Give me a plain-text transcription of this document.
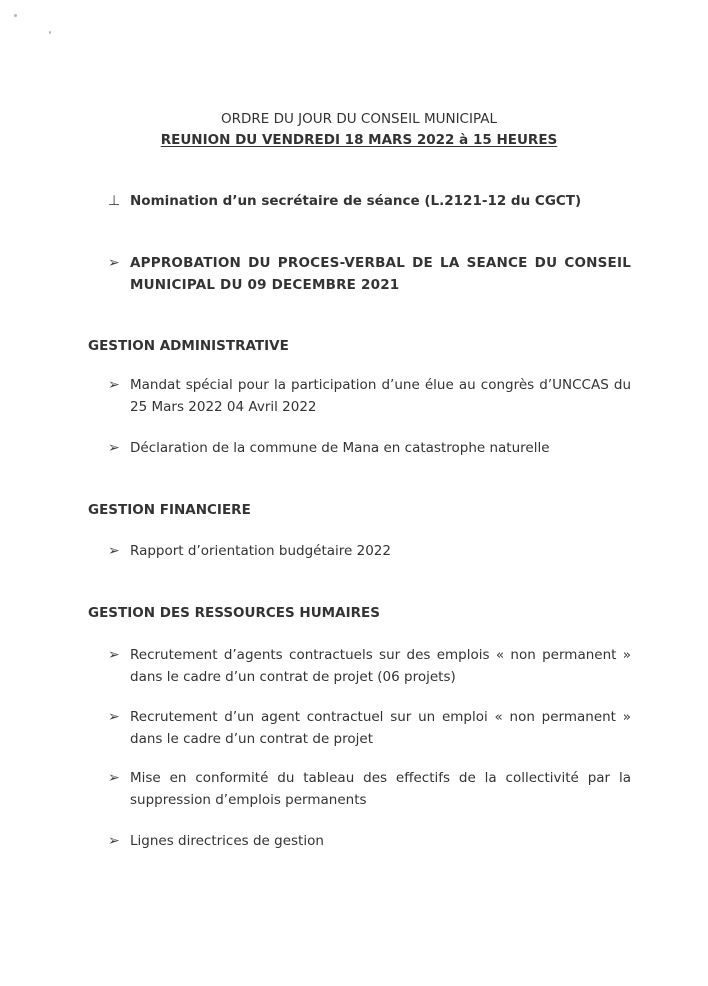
ORDRE DU JOUR DU CONSEIL MUNICIPAL
REUNION DU VENDREDI 18 MARS 2022 à 15 HEURES
⊥ Nomination d’un secrétaire de séance (L.2121-12 du CGCT)
➢ APPROBATION DU PROCES-VERBAL DE LA SEANCE DU CONSEIL MUNICIPAL DU 09 DECEMBRE 2021
GESTION ADMINISTRATIVE
➢ Mandat spécial pour la participation d’une élue au congrès d’UNCCAS du 25 Mars 2022 04 Avril 2022
➢ Déclaration de la commune de Mana en catastrophe naturelle
GESTION FINANCIERE
➢ Rapport d’orientation budgétaire 2022
GESTION DES RESSOURCES HUMAIRES
➢ Recrutement d’agents contractuels sur des emplois « non permanent » dans le cadre d’un contrat de projet (06 projets)
➢ Recrutement d’un agent contractuel sur un emploi « non permanent » dans le cadre d’un contrat de projet
➢ Mise en conformité du tableau des effectifs de la collectivité par la suppression d’emplois permanents
➢ Lignes directrices de gestion
